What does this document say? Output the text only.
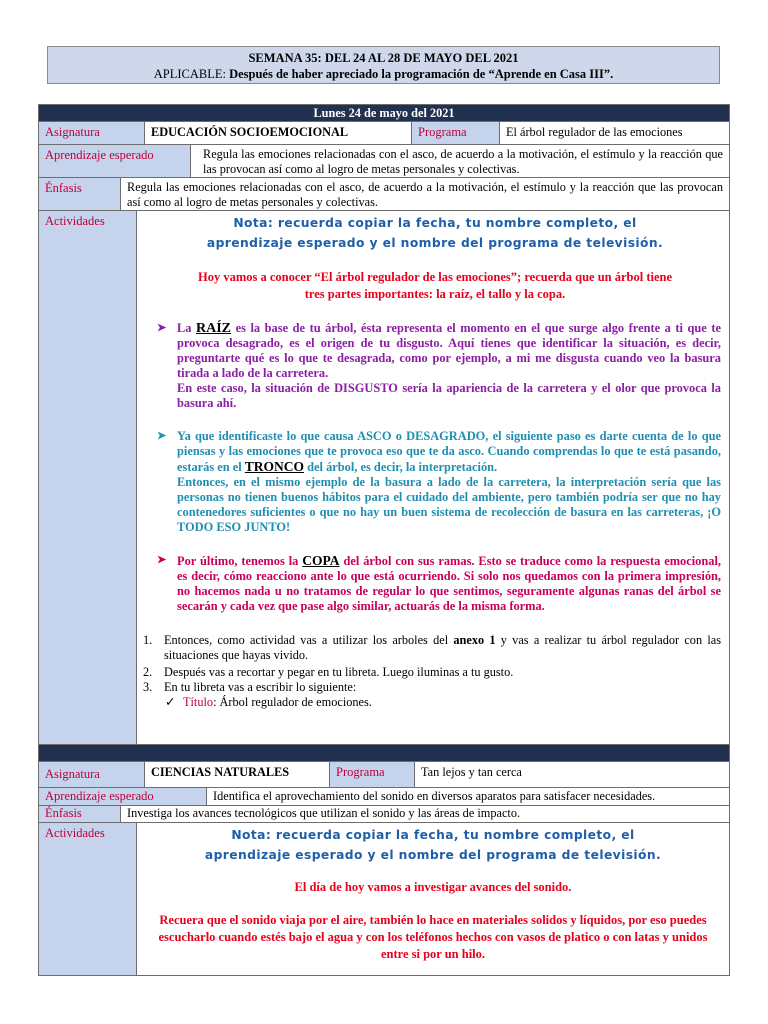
SEMANA 35: DEL 24 AL 28 DE MAYO DEL 2021
APLICABLE: Después de haber apreciado la programación de “Aprende en Casa III”.
Lunes 24 de mayo del 2021
Asignatura	EDUCACIÓN SOCIOEMOCIONAL	Programa	El árbol regulador de las emociones
Aprendizaje esperado	Regula las emociones relacionadas con el asco, de acuerdo a la motivación, el estímulo y la reacción que las provocan así como al logro de metas personales y colectivas.
Énfasis	Regula las emociones relacionadas con el asco, de acuerdo a la motivación, el estímulo y la reacción que las provocan así como al logro de metas personales y colectivas.
Actividades	Nota: recuerda copiar la fecha, tu nombre completo, el aprendizaje esperado y el nombre del programa de televisión.
Hoy vamos a conocer “El árbol regulador de las emociones”; recuerda que un árbol tiene tres partes importantes: la raíz, el tallo y la copa.
➤ La RAÍZ es la base de tu árbol, ésta representa el momento en el que surge algo frente a ti que te provoca desagrado, es el origen de tu disgusto. Aquí tienes que identificar la situación, es decir, preguntarte qué es lo que te desagrada, como por ejemplo, a mi me disgusta cuando veo la basura tirada a lado de la carretera.
En este caso, la situación de DISGUSTO sería la apariencia de la carretera y el olor que provoca la basura ahí.
➤ Ya que identificaste lo que causa ASCO o DESAGRADO, el siguiente paso es darte cuenta de lo que piensas y las emociones que te provoca eso que te da asco. Cuando comprendas lo que te está pasando, estarás en el TRONCO del árbol, es decir, la interpretación.
Entonces, en el mismo ejemplo de la basura a lado de la carretera, la interpretación sería que las personas no tienen buenos hábitos para el cuidado del ambiente, pero también podría ser que no hay contenedores suficientes o que no hay un buen sistema de recolección de basura en las carreteras, ¡O TODO ESO JUNTO!
➤ Por último, tenemos la COPA del árbol con sus ramas. Esto se traduce como la respuesta emocional, es decir, cómo reacciono ante lo que está ocurriendo. Si solo nos quedamos con la primera impresión, no hacemos nada u no tratamos de regular lo que sentimos, seguramente algunas ranas del árbol se secarán y cada vez que pase algo similar, actuarás de la misma forma.
1. Entonces, como actividad vas a utilizar los arboles del anexo 1 y vas a realizar tu árbol regulador con las situaciones que hayas vivido.
2. Después vas a recortar y pegar en tu libreta. Luego iluminas a tu gusto.
3. En tu libreta vas a escribir lo siguiente:
✓ Título: Árbol regulador de emociones.
Asignatura	CIENCIAS NATURALES	Programa	Tan lejos y tan cerca
Aprendizaje esperado	Identifica el aprovechamiento del sonido en diversos aparatos para satisfacer necesidades.
Énfasis	Investiga los avances tecnológicos que utilizan el sonido y las áreas de impacto.
Actividades	Nota: recuerda copiar la fecha, tu nombre completo, el aprendizaje esperado y el nombre del programa de televisión.
El día de hoy vamos a investigar avances del sonido.
Recuera que el sonido viaja por el aire, también lo hace en materiales solidos y líquidos, por eso puedes escucharlo cuando estés bajo el agua y con los teléfonos hechos con vasos de platico o con latas y unidos entre si por un hilo.
